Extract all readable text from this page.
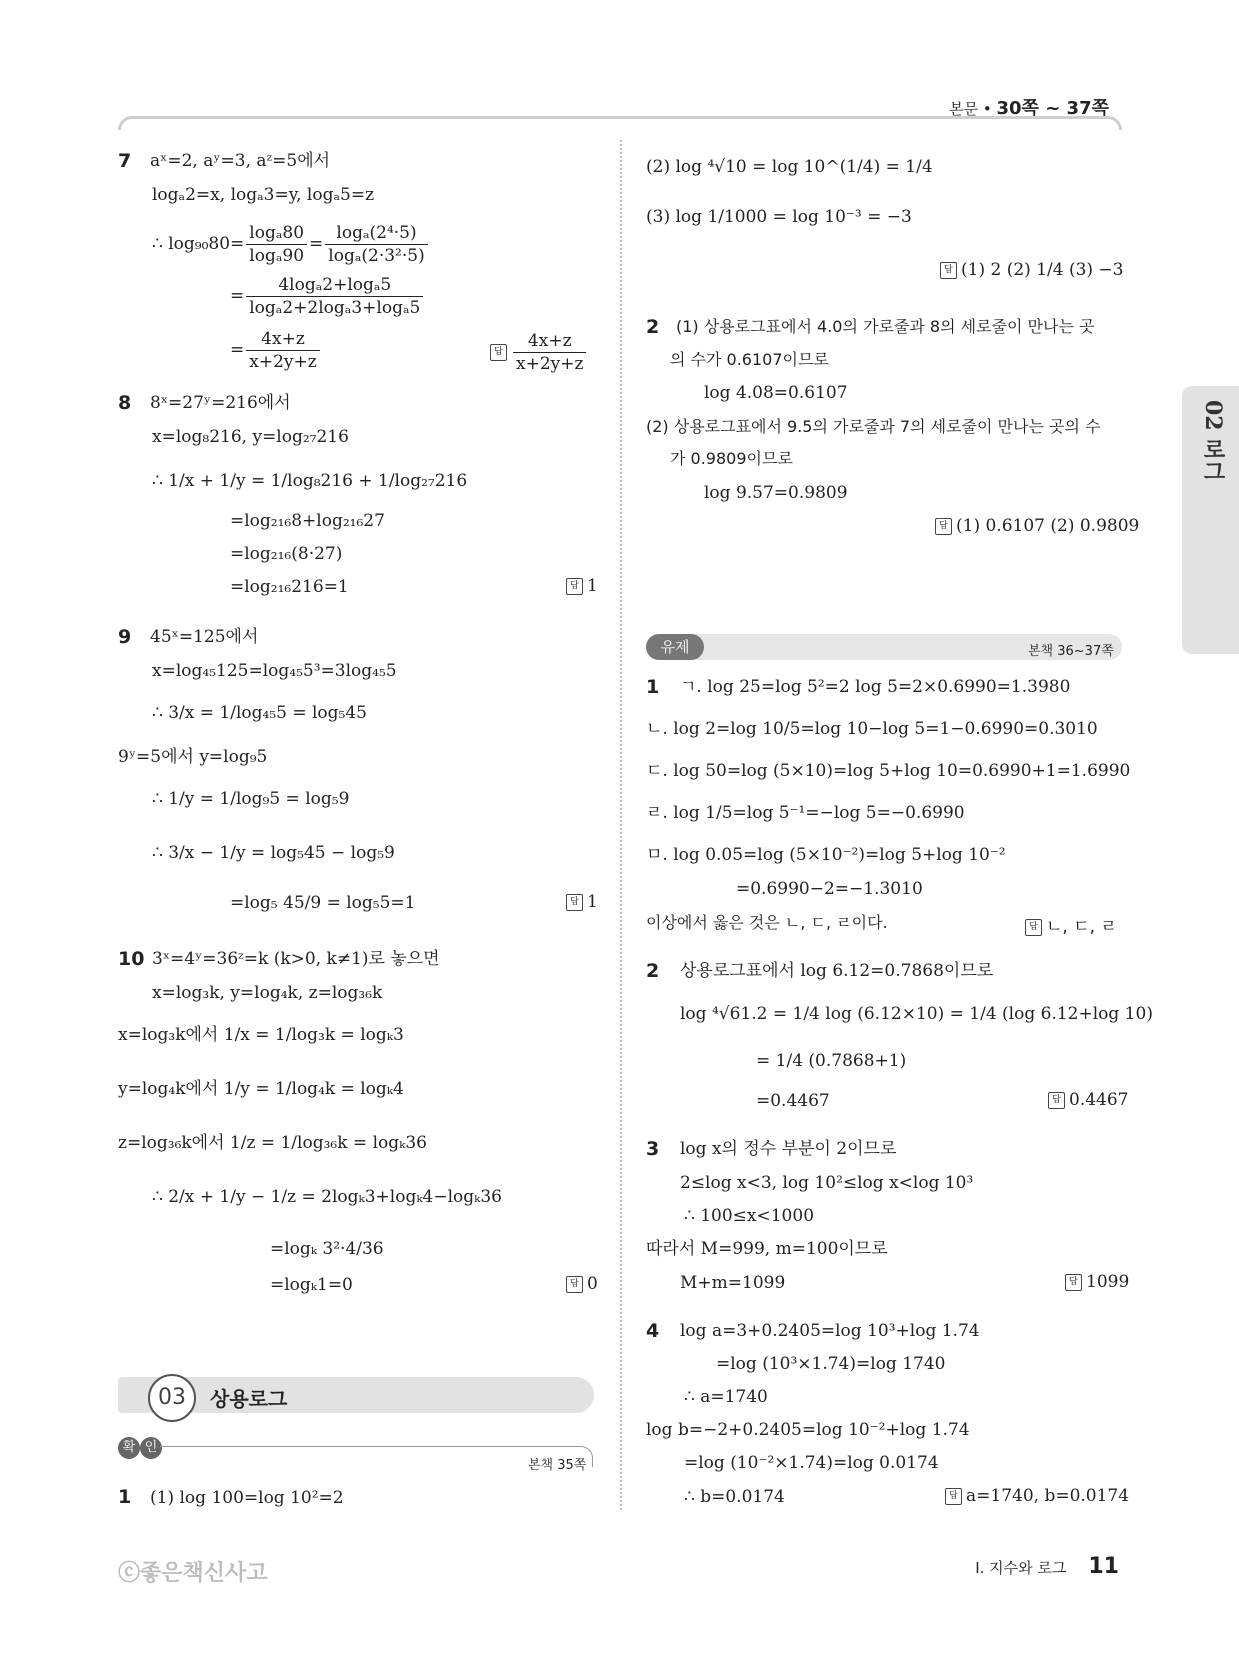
본문 • 30쪽 ~ 37쪽
02 로그
7 aˣ=2, aʸ=3, aᶻ=5에서
logₐ2=x, logₐ3=y, logₐ5=z
∴ $\log_{90}80= \frac{\text{logₐ80}}{\text{logₐ90}} = \frac{\text{logₐ(2⁴·5)}}{\text{logₐ(2·3²·5)}}$
= $\frac{\text{4logₐ2+logₐ5}}{\text{logₐ2+2logₐ3+logₐ5}}$
= $\frac{4x+z}{x+2y+z}$	답 $\frac{4x+z}{x+2y+z}$
8 8ˣ=27ʸ=216에서
x=log₈216, y=log₂₇216
∴ 1/x + 1/y = 1/log₈216 + 1/log₂₇216
=log₂₁₆8+log₂₁₆27
=log₂₁₆(8·27)
=log₂₁₆216=1	답 1
9 45ˣ=125에서
x=log₄₅125=log₄₅5³=3log₄₅5
∴ 3/x = 1/log₄₅5 = log₅45
9ʸ=5에서 y=log₉5
∴ 1/y = 1/log₉5 = log₅9
∴ 3/x − 1/y = log₅45 − log₅9
=log₅ 45/9 = log₅5=1	답 1
10 3ˣ=4ʸ=36ᶻ=k (k>0, k≠1)로 놓으면
x=log₃k, y=log₄k, z=log₃₆k
x=log₃k에서 1/x = 1/log₃k = logₖ3
y=log₄k에서 1/y = 1/log₄k = logₖ4
z=log₃₆k에서 1/z = 1/log₃₆k = logₖ36
∴ 2/x + 1/y − 1/z = 2logₖ3+logₖ4−logₖ36
=logₖ 3²·4/36
=logₖ1=0	답 0
03	상용로그
확 인
본책 35쪽
1 (1) log 100=log 10²=2
(2) log ⁴√10 = log 10^(1/4) = 1/4
(3) log 1/1000 = log 10⁻³ = −3
답 (1) 2 (2) 1/4 (3) −3
2 (1) 상용로그표에서 4.0의 가로줄과 8의 세로줄이 만나는 곳
의 수가 0.6107이므로
log 4.08=0.6107
(2) 상용로그표에서 9.5의 가로줄과 7의 세로줄이 만나는 곳의 수
가 0.9809이므로
log 9.57=0.9809
답 (1) 0.6107 (2) 0.9809
유제	본책 36~37쪽
1 ㄱ. log 25=log 5²=2 log 5=2×0.6990=1.3980
ㄴ. log 2=log 10/5=log 10−log 5=1−0.6990=0.3010
ㄷ. log 50=log (5×10)=log 5+log 10=0.6990+1=1.6990
ㄹ. log 1/5=log 5⁻¹=−log 5=−0.6990
ㅁ. log 0.05=log (5×10⁻²)=log 5+log 10⁻²
=0.6990−2=−1.3010
이상에서 옳은 것은 ㄴ, ㄷ, ㄹ이다.	답 ㄴ, ㄷ, ㄹ
2 상용로그표에서 log 6.12=0.7868이므로
log ⁴√61.2 = 1/4 log (6.12×10) = 1/4 (log 6.12+log 10)
= 1/4 (0.7868+1)
=0.4467	답 0.4467
3 log x의 정수 부분이 2이므로
2≤log x<3, log 10²≤log x<log 10³
∴ 100≤x<1000
따라서 M=999, m=100이므로
M+m=1099	답 1099
4 log a=3+0.2405=log 10³+log 1.74
=log (10³×1.74)=log 1740
∴ a=1740
log b=−2+0.2405=log 10⁻²+log 1.74
=log (10⁻²×1.74)=log 0.0174
∴ b=0.0174	답 a=1740, b=0.0174
ⓒ좋은책신사고	Ⅰ. 지수와 로그 11
